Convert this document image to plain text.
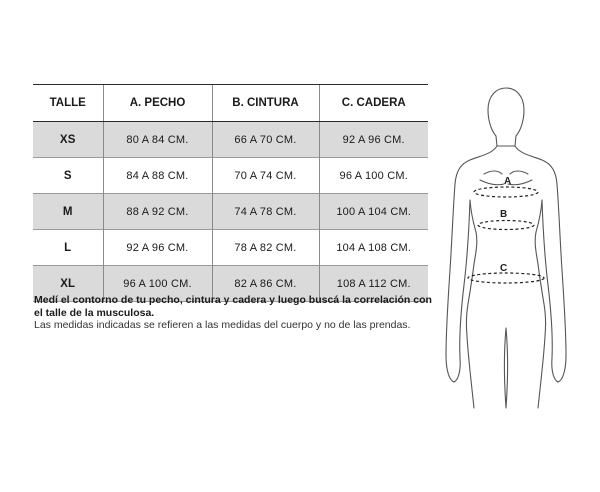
TALLE	A. PECHO	B. CINTURA	C. CADERA
XS	80 A 84 CM.	66 A 70 CM.	92 A 96 CM.
S	84 A 88 CM.	70 A 74 CM.	96 A 100 CM.
M	88 A 92 CM.	74 A 78 CM.	100 A 104 CM.
L	92 A 96 CM.	78 A 82 CM.	104 A 108 CM.
XL	96 A 100 CM.	82 A 86 CM.	108 A 112 CM.

Medí el contorno de tu pecho, cintura y cadera y luego buscá la correlación con el talle de la musculosa.

Las medidas indicadas se refieren a las medidas del cuerpo y no de las prendas.

A
B
C
